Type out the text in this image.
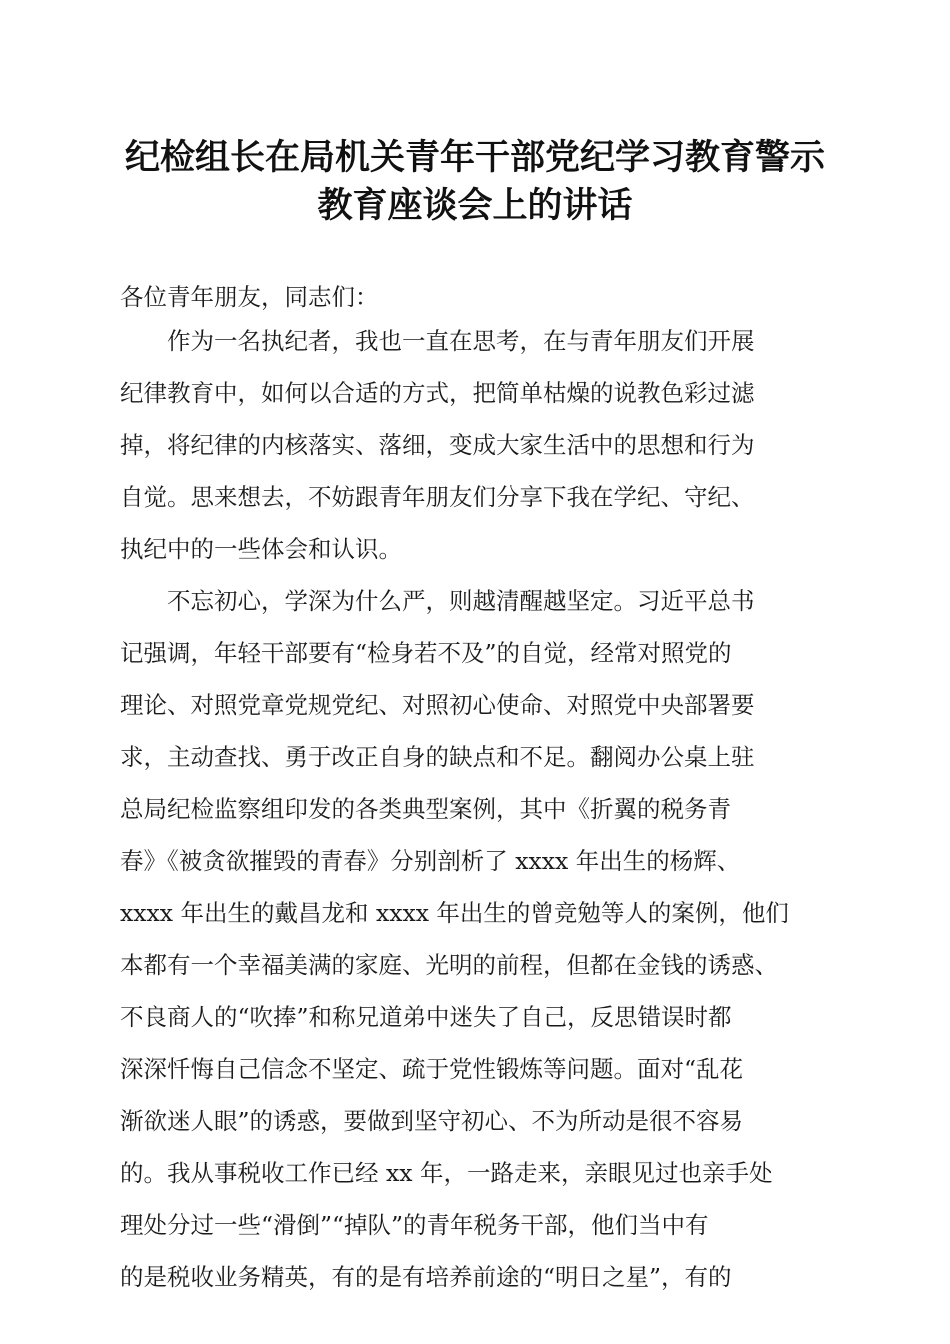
纪检组长在局机关青年干部党纪学习教育警示
教育座谈会上的讲话

各位青年朋友，同志们：

　　作为一名执纪者，我也一直在思考，在与青年朋友们开展

纪律教育中，如何以合适的方式，把简单枯燥的说教色彩过滤

掉，将纪律的内核落实、落细，变成大家生活中的思想和行为

自觉。思来想去，不妨跟青年朋友们分享下我在学纪、守纪、

执纪中的一些体会和认识。

　　不忘初心，学深为什么严，则越清醒越坚定。习近平总书

记强调，年轻干部要有“检身若不及”的自觉，经常对照党的

理论、对照党章党规党纪、对照初心使命、对照党中央部署要

求，主动查找、勇于改正自身的缺点和不足。翻阅办公桌上驻

总局纪检监察组印发的各类典型案例，其中《折翼的税务青

春》《被贪欲摧毁的青春》分别剖析了 xxxx 年出生的杨辉、

xxxx 年出生的戴昌龙和 xxxx 年出生的曾竞勉等人的案例，他们

本都有一个幸福美满的家庭、光明的前程，但都在金钱的诱惑、

不良商人的“吹捧”和称兄道弟中迷失了自己，反思错误时都

深深忏悔自己信念不坚定、疏于党性锻炼等问题。面对“乱花

渐欲迷人眼”的诱惑，要做到坚守初心、不为所动是很不容易

的。我从事税收工作已经 xx 年，一路走来，亲眼见过也亲手处

理处分过一些“滑倒”“掉队”的青年税务干部，他们当中有

的是税收业务精英，有的是有培养前途的“明日之星”，有的
